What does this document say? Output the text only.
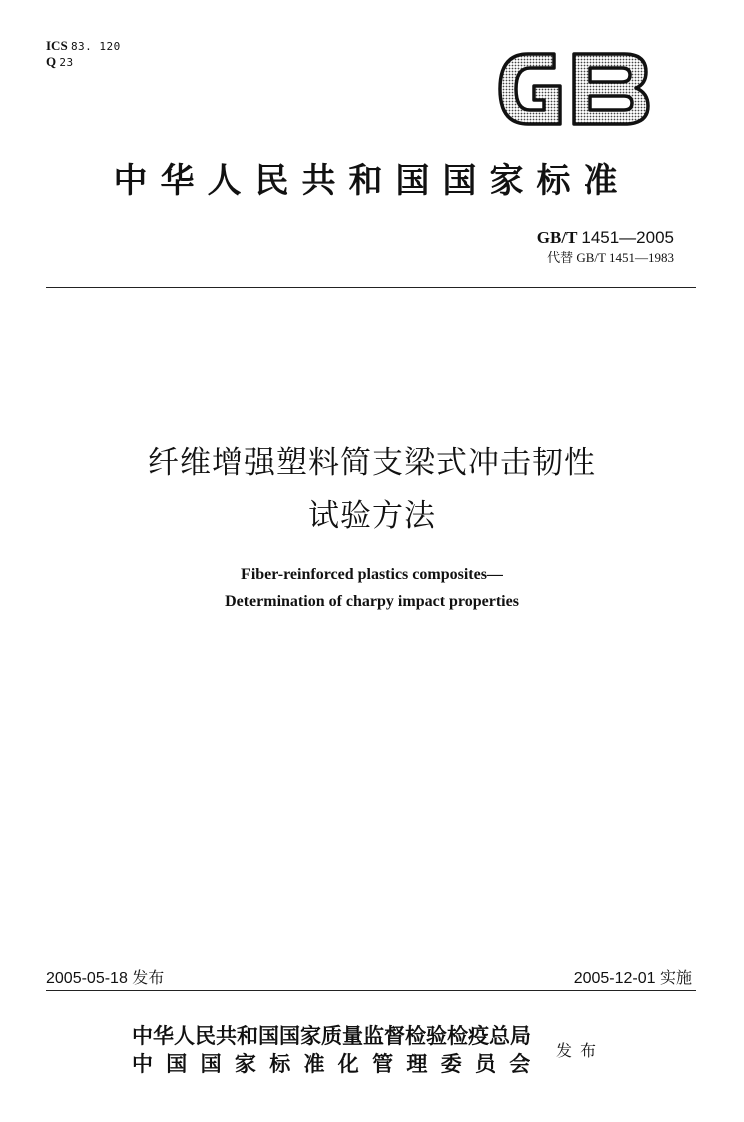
ICS 83. 120
Q 23
GB
中华人民共和国国家标准
GB/T 1451—2005
代替 GB/T 1451—1983
纤维增强塑料简支梁式冲击韧性
试验方法
Fiber-reinforced plastics composites—
Determination of charpy impact properties
2005-05-18 发布	2005-12-01 实施
中华人民共和国国家质量监督检验检疫总局
中国国家标准化管理委员会
发布
